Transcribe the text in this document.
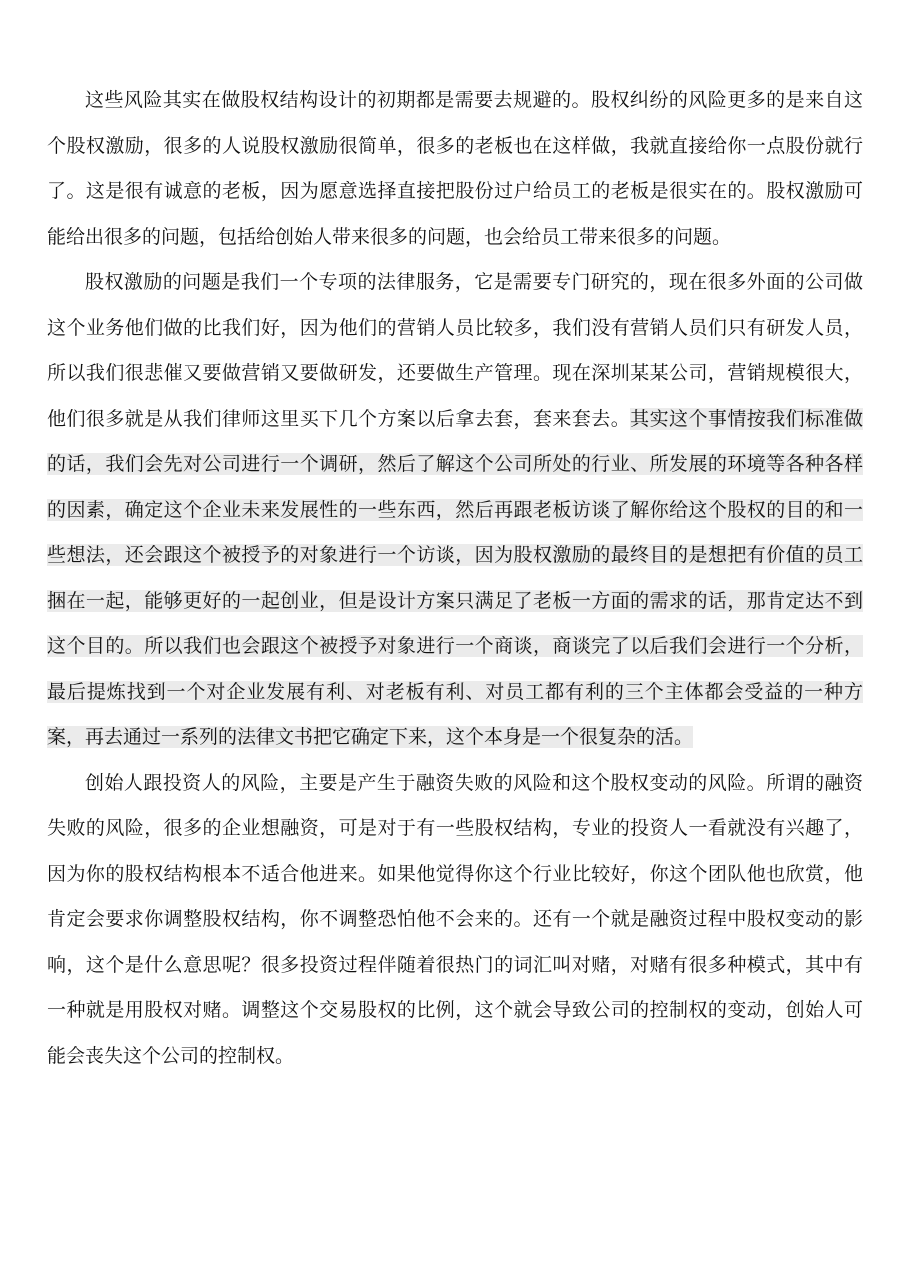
这些风险其实在做股权结构设计的初期都是需要去规避的。股权纠纷的风险更多的是来自这个股权激励，很多的人说股权激励很简单，很多的老板也在这样做，我就直接给你一点股份就行了。这是很有诚意的老板，因为愿意选择直接把股份过户给员工的老板是很实在的。股权激励可能给出很多的问题，包括给创始人带来很多的问题，也会给员工带来很多的问题。

股权激励的问题是我们一个专项的法律服务，它是需要专门研究的，现在很多外面的公司做这个业务他们做的比我们好，因为他们的营销人员比较多，我们没有营销人员们只有研发人员，所以我们很悲催又要做营销又要做研发，还要做生产管理。现在深圳某某公司，营销规模很大，他们很多就是从我们律师这里买下几个方案以后拿去套，套来套去。其实这个事情按我们标准做的话，我们会先对公司进行一个调研，然后了解这个公司所处的行业、所发展的环境等各种各样的因素，确定这个企业未来发展性的一些东西，然后再跟老板访谈了解你给这个股权的目的和一些想法，还会跟这个被授予的对象进行一个访谈，因为股权激励的最终目的是想把有价值的员工捆在一起，能够更好的一起创业，但是设计方案只满足了老板一方面的需求的话，那肯定达不到这个目的。所以我们也会跟这个被授予对象进行一个商谈，商谈完了以后我们会进行一个分析，最后提炼找到一个对企业发展有利、对老板有利、对员工都有利的三个主体都会受益的一种方案，再去通过一系列的法律文书把它确定下来，这个本身是一个很复杂的活。

创始人跟投资人的风险，主要是产生于融资失败的风险和这个股权变动的风险。所谓的融资失败的风险，很多的企业想融资，可是对于有一些股权结构，专业的投资人一看就没有兴趣了，因为你的股权结构根本不适合他进来。如果他觉得你这个行业比较好，你这个团队他也欣赏，他肯定会要求你调整股权结构，你不调整恐怕他不会来的。还有一个就是融资过程中股权变动的影响，这个是什么意思呢？很多投资过程伴随着很热门的词汇叫对赌，对赌有很多种模式，其中有一种就是用股权对赌。调整这个交易股权的比例，这个就会导致公司的控制权的变动，创始人可能会丧失这个公司的控制权。
